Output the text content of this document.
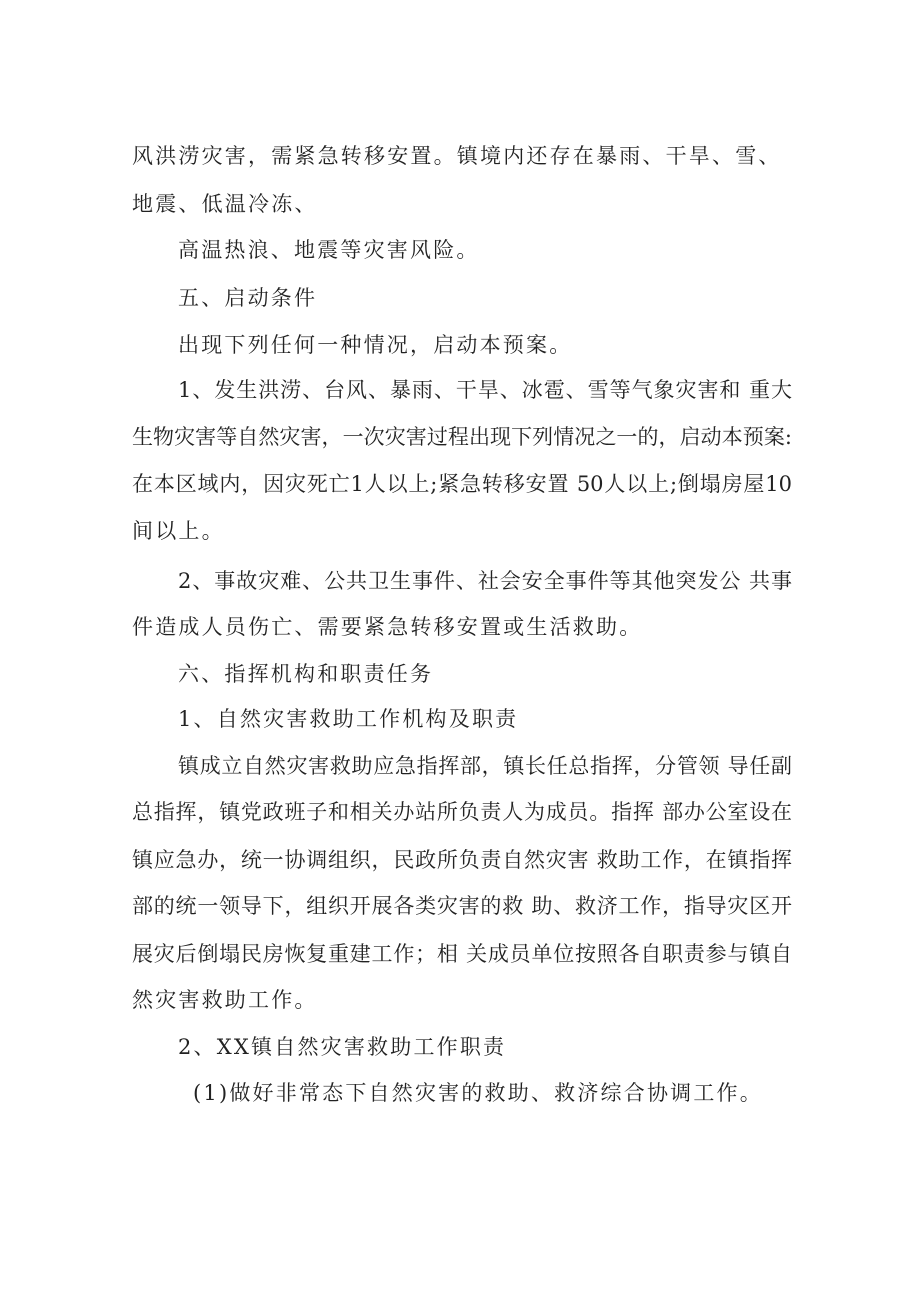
风洪涝灾害，需紧急转移安置。镇境内还存在暴雨、干旱、雪、
地震、低温冷冻、
高温热浪、地震等灾害风险。
五、启动条件
出现下列任何一种情况，启动本预案。
1、发生洪涝、台风、暴雨、干旱、冰雹、雪等气象灾害和 重大
生物灾害等自然灾害，一次灾害过程出现下列情况之一的，启动本预案:
在本区域内，因灾死亡1人以上;紧急转移安置 50人以上;倒塌房屋10
间以上。
2、事故灾难、公共卫生事件、社会安全事件等其他突发公 共事
件造成人员伤亡、需要紧急转移安置或生活救助。
六、指挥机构和职责任务
1、自然灾害救助工作机构及职责
镇成立自然灾害救助应急指挥部，镇长任总指挥，分管领 导任副
总指挥，镇党政班子和相关办站所负责人为成员。指挥 部办公室设在
镇应急办，统一协调组织，民政所负责自然灾害 救助工作，在镇指挥
部的统一领导下，组织开展各类灾害的救 助、救济工作，指导灾区开
展灾后倒塌民房恢复重建工作；相 关成员单位按照各自职责参与镇自
然灾害救助工作。
2、XX镇自然灾害救助工作职责
(1)做好非常态下自然灾害的救助、救济综合协调工作。
